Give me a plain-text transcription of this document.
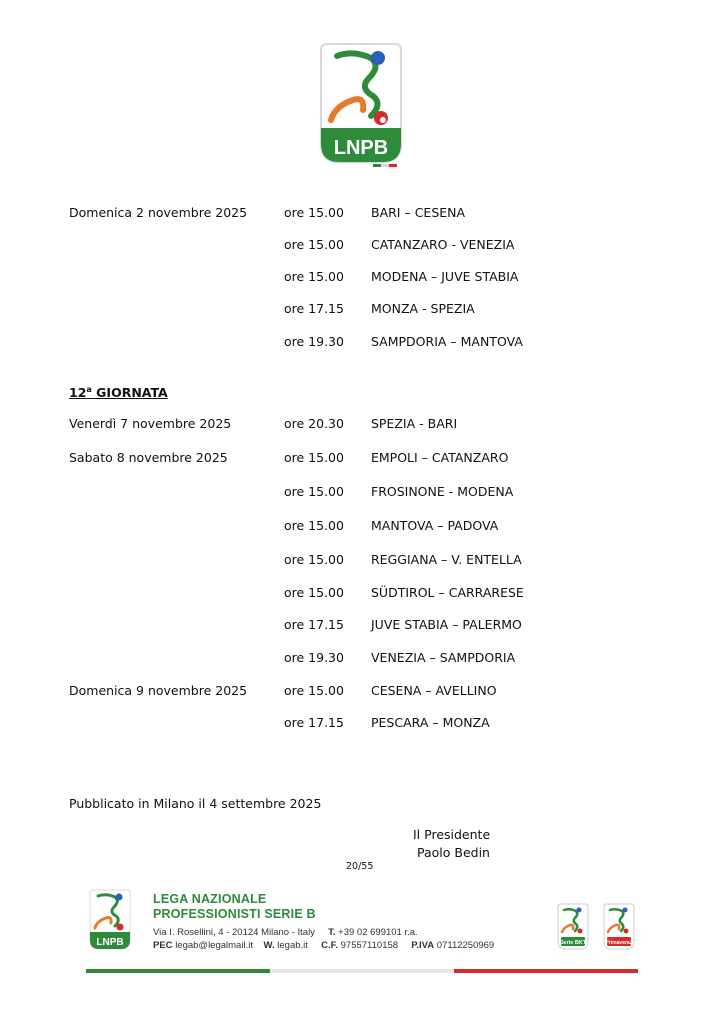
LNPB
Domenica 2 novembre 2025	ore 15.00 BARI – CESENA
ore 15.00 CATANZARO - VENEZIA
ore 15.00 MODENA – JUVE STABIA
ore 17.15 MONZA - SPEZIA
ore 19.30 SAMPDORIA – MANTOVA
12$^a$ GIORNATA
Venerdì 7 novembre 2025	ore 20.30 SPEZIA - BARI
Sabato 8 novembre 2025	ore 15.00 EMPOLI – CATANZARO
ore 15.00 FROSINONE - MODENA
ore 15.00 MANTOVA – PADOVA
ore 15.00 REGGIANA – V. ENTELLA
ore 15.00 SÜDTIROL – CARRARESE
ore 17.15 JUVE STABIA – PALERMO
ore 19.30 VENEZIA – SAMPDORIA
Domenica 9 novembre 2025	ore 15.00 CESENA – AVELLINO
ore 17.15 PESCARA – MONZA
Pubblicato in Milano il 4 settembre 2025
Il Presidente
Paolo Bedin
20/55
LNPB
LEGA NAZIONALE
PROFESSIONISTI SERIE B
Via I. Rosellini, 4 - 20124 Milano - Italy T. +39 02 699101 r.a.
PEC legab@legalmail.it W. legab.it C.F. 97557110158 P.IVA 07112250969	Serie BKT	Primavera2
